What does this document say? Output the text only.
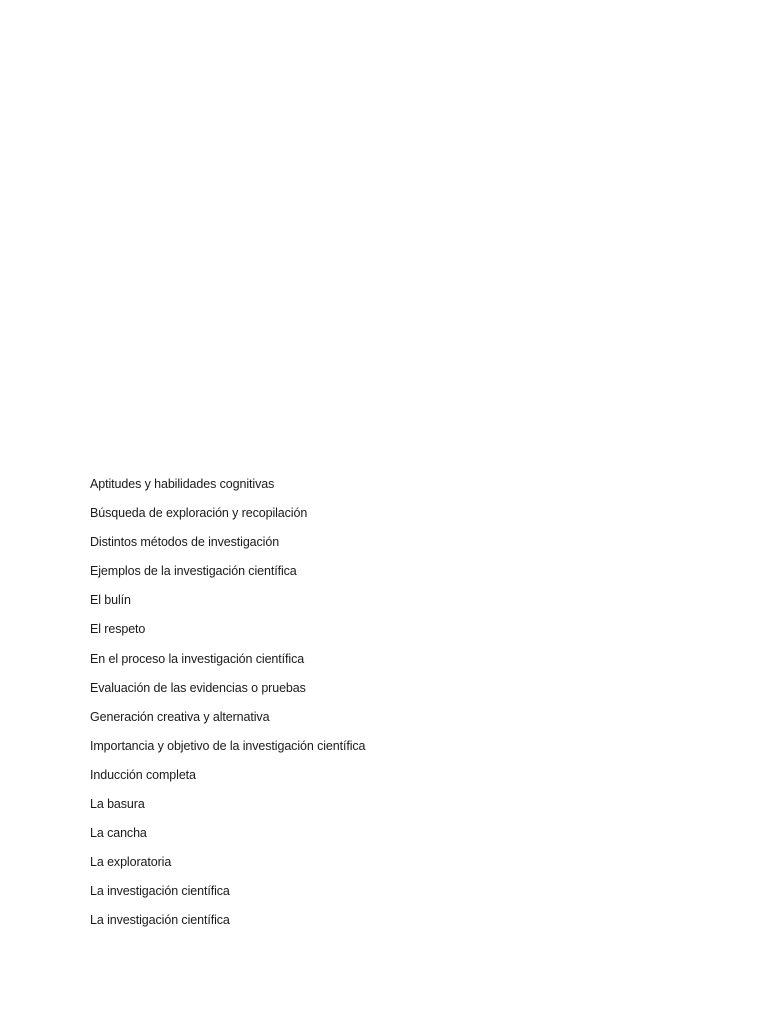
Aptitudes y habilidades cognitivas
Búsqueda de exploración y recopilación
Distintos métodos de investigación
Ejemplos de la investigación científica
El bulín
El respeto
En el proceso la investigación científica
Evaluación de las evidencias o pruebas
Generación creativa y alternativa
Importancia y objetivo de la investigación científica
Inducción completa
La basura
La cancha
La exploratoria
La investigación científica
La investigación científica
